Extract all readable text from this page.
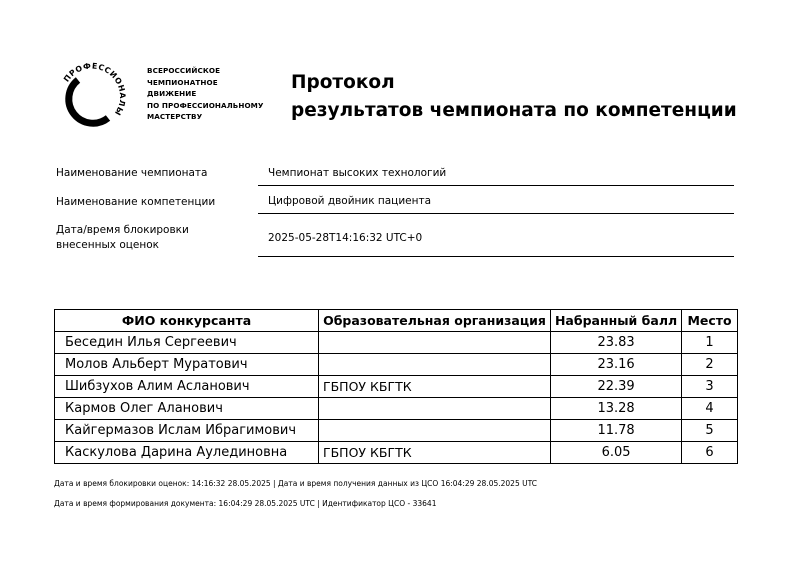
ПРОФЕССИОНАЛЫ
ВСЕРОССИЙСКОЕ
ЧЕМПИОНАТНОЕ
ДВИЖЕНИЕ
ПО ПРОФЕССИОНАЛЬНОМУ
МАСТЕРСТВУ
Протокол
результатов чемпионата по компетенции
Наименование чемпионата	Чемпионат высоких технологий
Наименование компетенции	Цифровой двойник пациента
Дата/время блокировки внесенных оценок
2025-05-28T14:16:32 UTC+0
ФИО конкурсанта	Образовательная организация	Набранный балл	Место
Беседин Илья Сергеевич		23.83	1
Молов Альберт Муратович		23.16	2
Шибзухов Алим Асланович	ГБПОУ КБГТК	22.39	3
Кармов Олег Аланович		13.28	4
Кайгермазов Ислам Ибрагимович		11.78	5
Каскулова Дарина Аулединовна	ГБПОУ КБГТК	6.05	6
Дата и время блокировки оценок: 14:16:32 28.05.2025 | Дата и время получения данных из ЦСО 16:04:29 28.05.2025 UTC
Дата и время формирования документа: 16:04:29 28.05.2025 UTC | Идентификатор ЦСО - 33641
